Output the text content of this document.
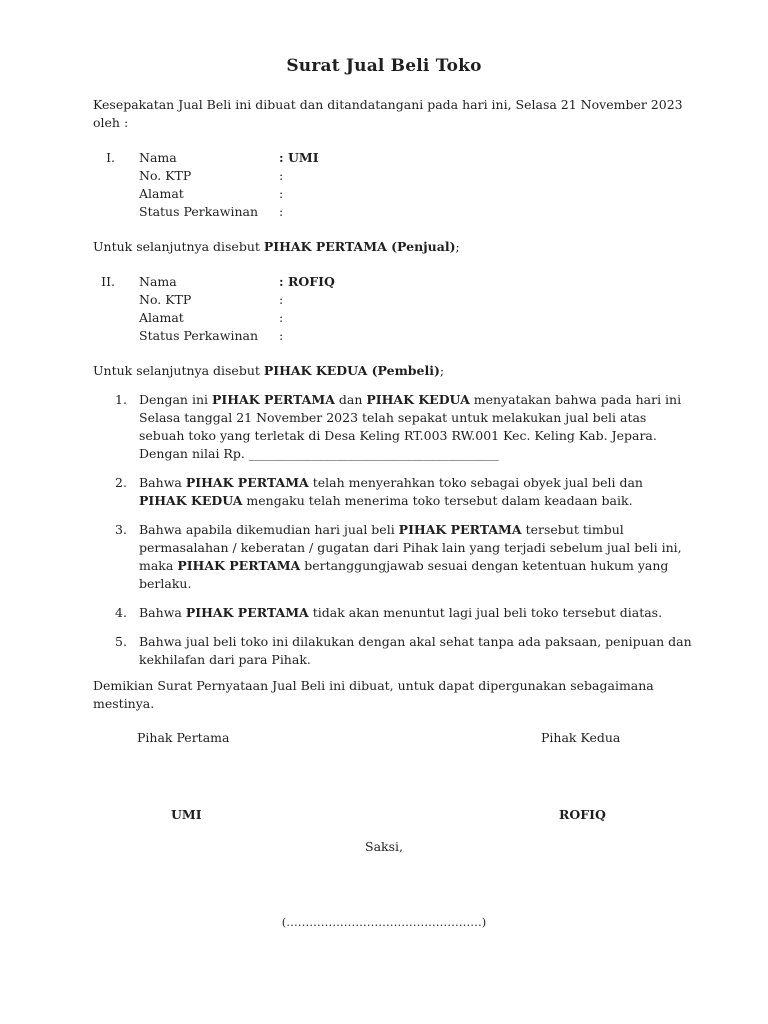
Surat Jual Beli Toko
Kesepakatan Jual Beli ini dibuat dan ditandatangani pada hari ini, Selasa 21 November 2023 oleh :
I. Nama	: UMI
No. KTP	:
Alamat	:
Status Perkawinan :
Untuk selanjutnya disebut PIHAK PERTAMA (Penjual);
II. Nama	: ROFIQ
No. KTP	:
Alamat	:
Status Perkawinan :
Untuk selanjutnya disebut PIHAK KEDUA (Pembeli);
1. Dengan ini PIHAK PERTAMA dan PIHAK KEDUA menyatakan bahwa pada hari ini Selasa tanggal 21 November 2023 telah sepakat untuk melakukan jual beli atas sebuah toko yang terletak di Desa Keling RT.003 RW.001 Kec. Keling Kab. Jepara. Dengan nilai Rp. ________________________________________
2. Bahwa PIHAK PERTAMA telah menyerahkan toko sebagai obyek jual beli dan PIHAK KEDUA mengaku telah menerima toko tersebut dalam keadaan baik.
3. Bahwa apabila dikemudian hari jual beli PIHAK PERTAMA tersebut timbul permasalahan / keberatan / gugatan dari Pihak lain yang terjadi sebelum jual beli ini, maka PIHAK PERTAMA bertanggungjawab sesuai dengan ketentuan hukum yang berlaku.
4. Bahwa PIHAK PERTAMA tidak akan menuntut lagi jual beli toko tersebut diatas.
5. Bahwa jual beli toko ini dilakukan dengan akal sehat tanpa ada paksaan, penipuan dan kekhilafan dari para Pihak.
Demikian Surat Pernyataan Jual Beli ini dibuat, untuk dapat dipergunakan sebagaimana mestinya.
Pihak Pertama	Pihak Kedua
UMI	ROFIQ
Saksi,
(……………………………………………)
